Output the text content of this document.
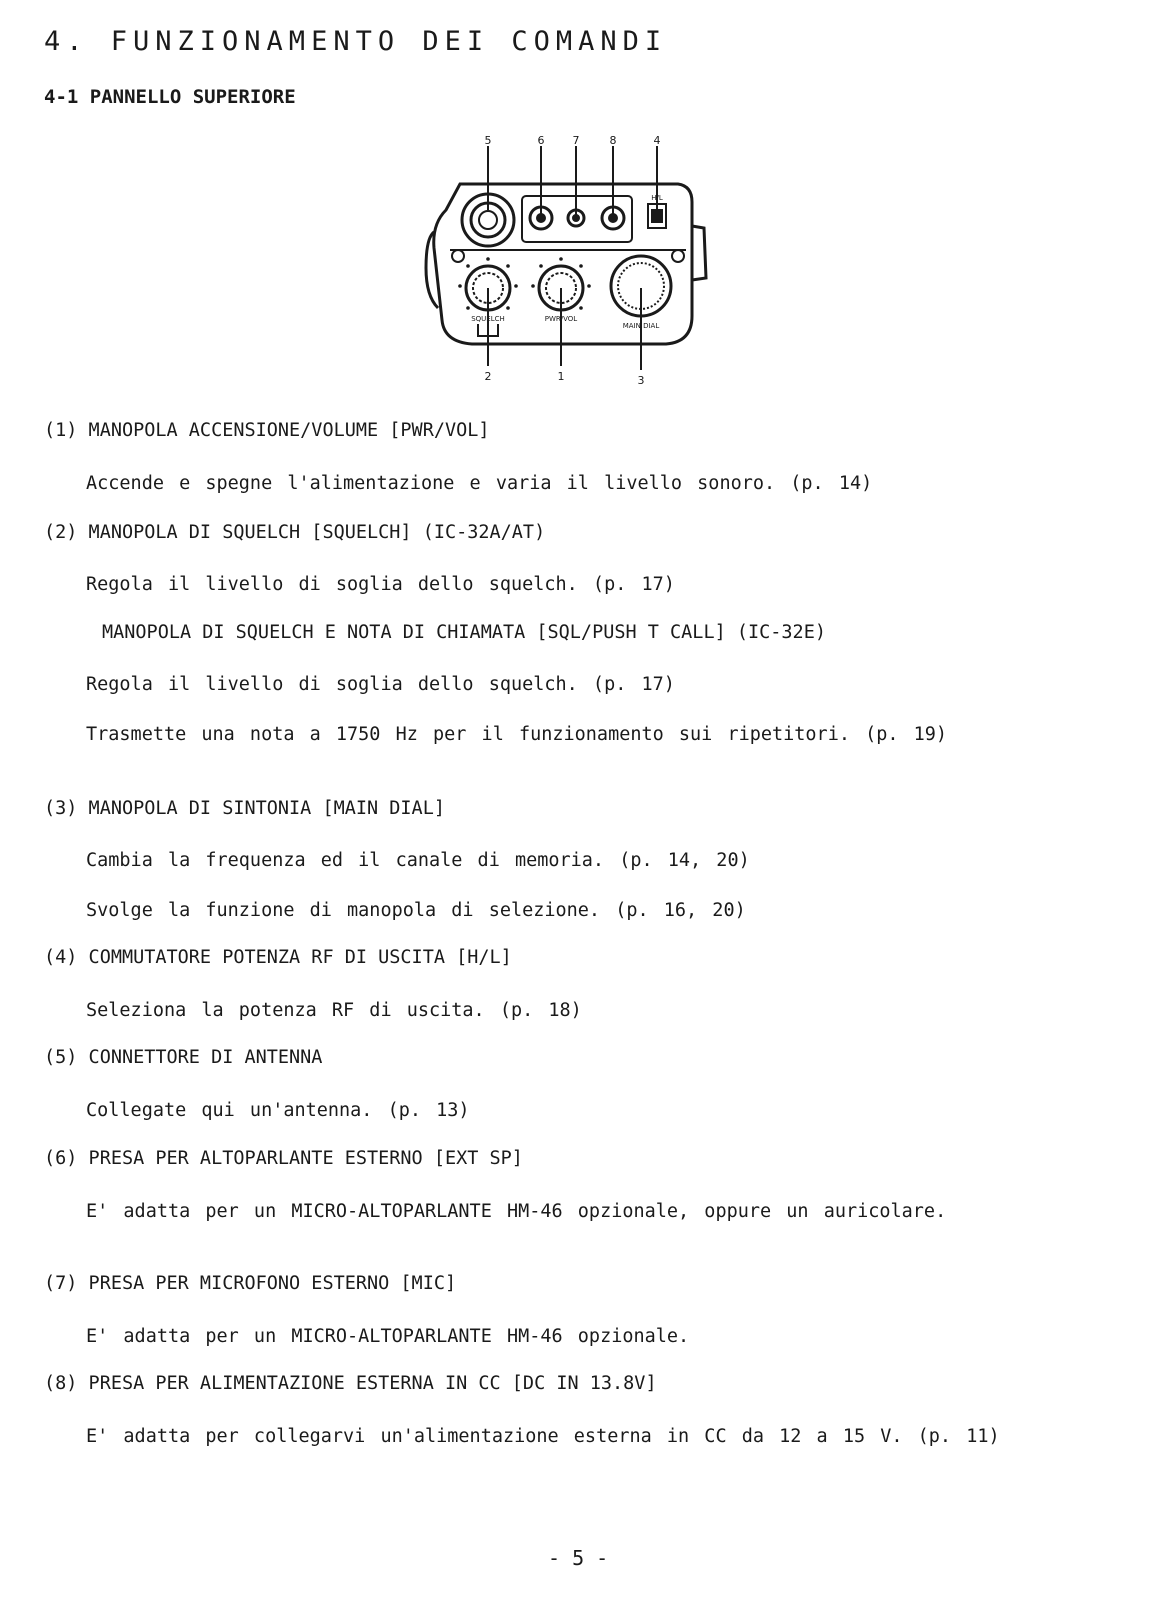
4. FUNZIONAMENTO DEI COMANDI
4-1 PANNELLO SUPERIORE
5	6	7	8	4
2	1	3
SQUELCH	PWR/VOL
MAIN DIAL
H/L
(1) MANOPOLA ACCENSIONE/VOLUME [PWR/VOL]
Accende e spegne l'alimentazione e varia il livello sonoro. (p. 14)
(2) MANOPOLA DI SQUELCH [SQUELCH] (IC-32A/AT)
Regola il livello di soglia dello squelch. (p. 17)
MANOPOLA DI SQUELCH E NOTA DI CHIAMATA [SQL/PUSH T CALL] (IC-32E)
Regola il livello di soglia dello squelch. (p. 17)
Trasmette una nota a 1750 Hz per il funzionamento sui ripetitori. (p. 19)
(3) MANOPOLA DI SINTONIA [MAIN DIAL]
Cambia la frequenza ed il canale di memoria. (p. 14, 20)
Svolge la funzione di manopola di selezione. (p. 16, 20)
(4) COMMUTATORE POTENZA RF DI USCITA [H/L]
Seleziona la potenza RF di uscita. (p. 18)
(5) CONNETTORE DI ANTENNA
Collegate qui un'antenna. (p. 13)
(6) PRESA PER ALTOPARLANTE ESTERNO [EXT SP]
E' adatta per un MICRO-ALTOPARLANTE HM-46 opzionale, oppure un auricolare.
(7) PRESA PER MICROFONO ESTERNO [MIC]
E' adatta per un MICRO-ALTOPARLANTE HM-46 opzionale.
(8) PRESA PER ALIMENTAZIONE ESTERNA IN CC [DC IN 13.8V]
E' adatta per collegarvi un'alimentazione esterna in CC da 12 a 15 V. (p. 11)
- 5 -
